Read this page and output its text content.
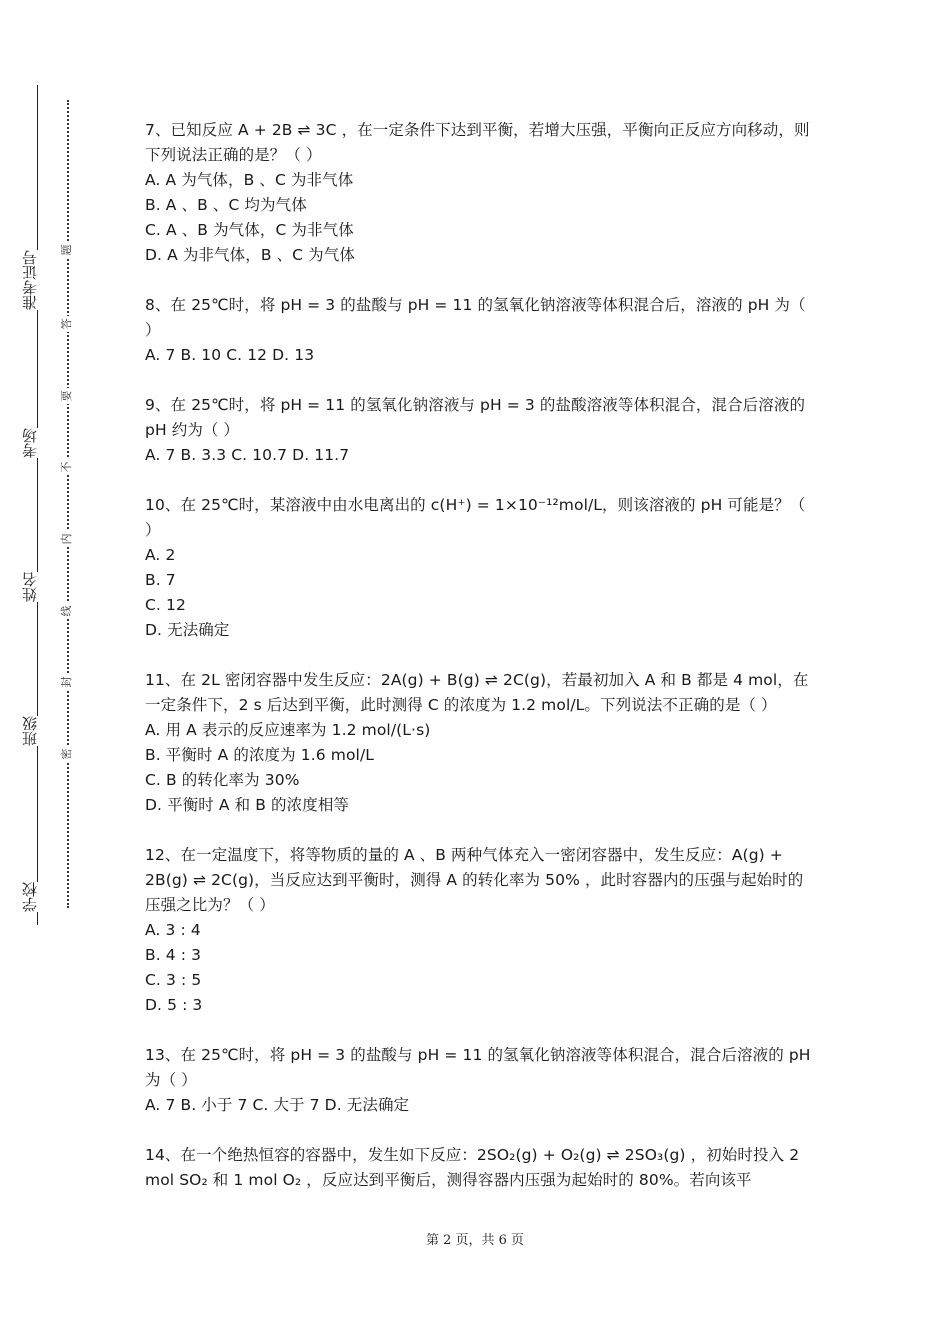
准考证号
考场
姓名
班级
学校
题
答
要
不
内
线
封
密
7、已知反应 A + 2B ⇌ 3C ，在一定条件下达到平衡，若增大压强，平衡向正反应方向移动，则下列说法正确的是？（ ）
A. A 为气体，B 、C 为非气体
B. A 、B 、C 均为气体
C. A 、B 为气体，C 为非气体
D. A 为非气体，B 、C 为气体
8、在 25℃时，将 pH = 3 的盐酸与 pH = 11 的氢氧化钠溶液等体积混合后，溶液的 pH 为（ ）
A. 7 B. 10 C. 12 D. 13
9、在 25℃时，将 pH = 11 的氢氧化钠溶液与 pH = 3 的盐酸溶液等体积混合，混合后溶液的 pH 约为（ ）
A. 7 B. 3.3 C. 10.7 D. 11.7
10、在 25℃时，某溶液中由水电离出的 c(H⁺) = 1×10⁻¹²mol/L，则该溶液的 pH 可能是？（ ）
A. 2
B. 7
C. 12
D. 无法确定
11、在 2L 密闭容器中发生反应：2A(g) + B(g) ⇌ 2C(g)，若最初加入 A 和 B 都是 4 mol，在一定条件下，2 s 后达到平衡，此时测得 C 的浓度为 1.2 mol/L。下列说法不正确的是（ ）
A. 用 A 表示的反应速率为 1.2 mol/(L·s)
B. 平衡时 A 的浓度为 1.6 mol/L
C. B 的转化率为 30%
D. 平衡时 A 和 B 的浓度相等
12、在一定温度下，将等物质的量的 A 、B 两种气体充入一密闭容器中，发生反应：A(g) + 2B(g) ⇌ 2C(g)，当反应达到平衡时，测得 A 的转化率为 50% ，此时容器内的压强与起始时的压强之比为？（ ）
A. 3 : 4
B. 4 : 3
C. 3 : 5
D. 5 : 3
13、在 25℃时，将 pH = 3 的盐酸与 pH = 11 的氢氧化钠溶液等体积混合，混合后溶液的 pH 为（ ）
A. 7 B. 小于 7 C. 大于 7 D. 无法确定
14、在一个绝热恒容的容器中，发生如下反应：2SO₂(g) + O₂(g) ⇌ 2SO₃(g) ，初始时投入 2 mol SO₂ 和 1 mol O₂ ，反应达到平衡后，测得容器内压强为起始时的 80%。若向该平
第 2 页，共 6 页
